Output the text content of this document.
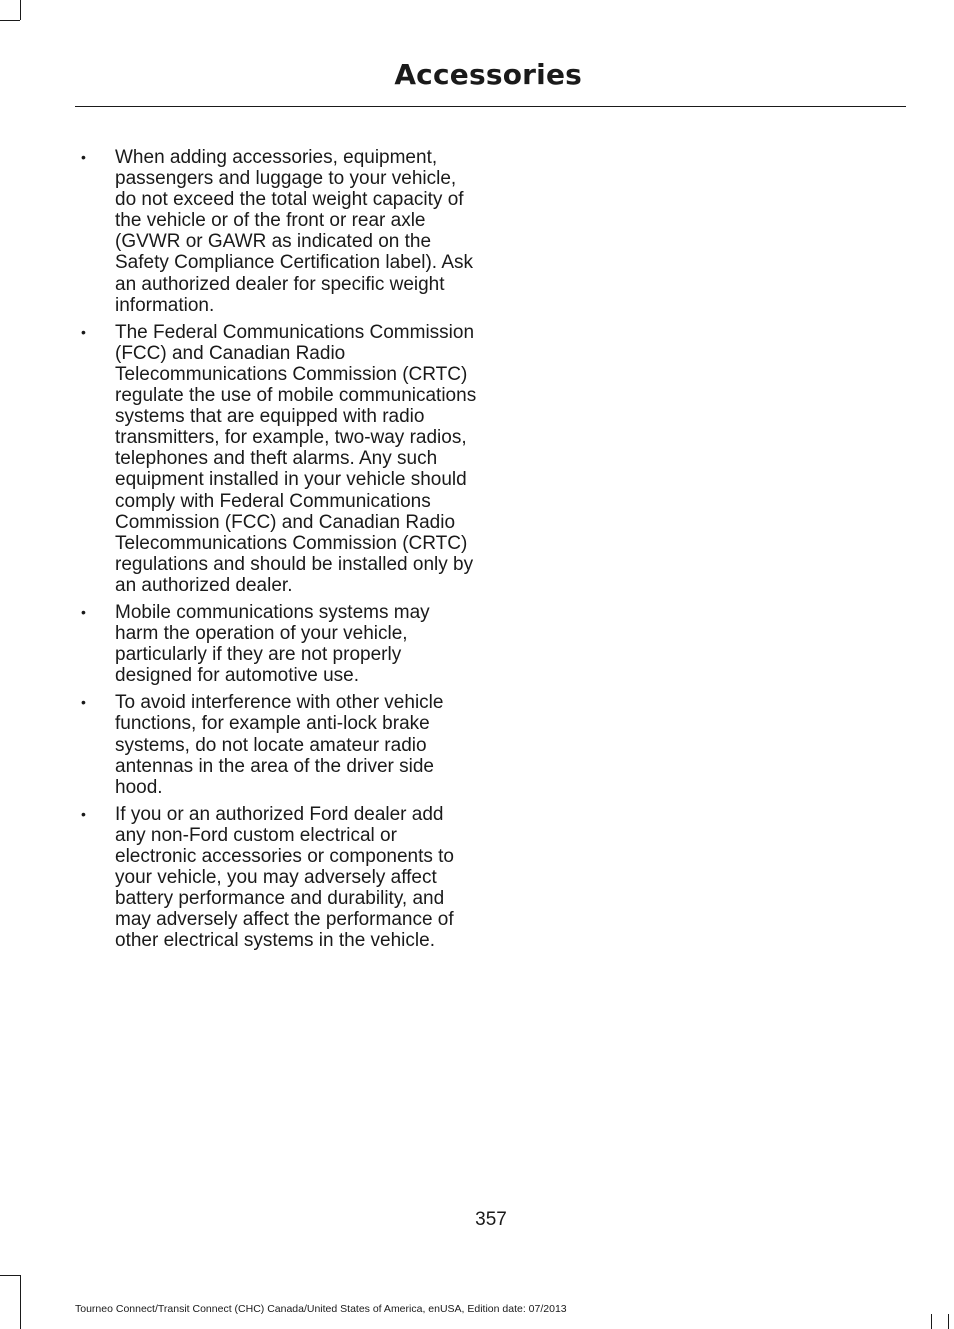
Accessories
• When adding accessories, equipment, passengers and luggage to your vehicle, do not exceed the total weight capacity of the vehicle or of the front or rear axle (GVWR or GAWR as indicated on the Safety Compliance Certification label). Ask an authorized dealer for specific weight information.
• The Federal Communications Commission (FCC) and Canadian Radio Telecommunications Commission (CRTC) regulate the use of mobile communications systems that are equipped with radio transmitters, for example, two-way radios, telephones and theft alarms. Any such equipment installed in your vehicle should comply with Federal Communications Commission (FCC) and Canadian Radio Telecommunications Commission (CRTC) regulations and should be installed only by an authorized dealer.
• Mobile communications systems may harm the operation of your vehicle, particularly if they are not properly designed for automotive use.
• To avoid interference with other vehicle functions, for example anti-lock brake systems, do not locate amateur radio antennas in the area of the driver side hood.
• If you or an authorized Ford dealer add any non-Ford custom electrical or electronic accessories or components to your vehicle, you may adversely affect battery performance and durability, and may adversely affect the performance of other electrical systems in the vehicle.
357
Tourneo Connect/Transit Connect (CHC) Canada/United States of America, enUSA, Edition date: 07/2013
